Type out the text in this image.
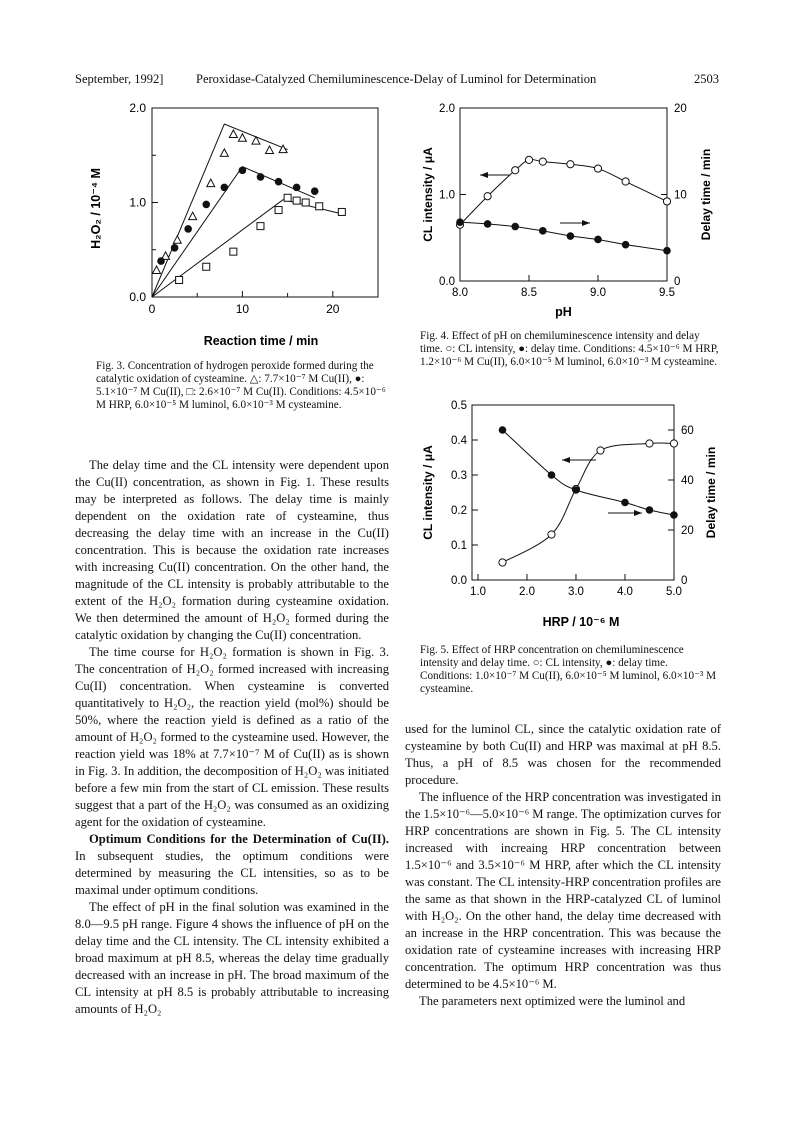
September, 1992]	Peroxidase-Catalyzed Chemiluminescence-Delay of Luminol for Determination	2503
0.0
1.0
2.0
0	10	20
Reaction time / min
H₂O₂ / 10⁻⁴ M
Fig. 3. Concentration of hydrogen peroxide formed during the catalytic oxidation of cysteamine. △: 7.7×10⁻⁷ M Cu(II), ●: 5.1×10⁻⁷ M Cu(II), □: 2.6×10⁻⁷ M Cu(II). Conditions: 4.5×10⁻⁶ M HRP, 6.0×10⁻⁵ M luminol, 6.0×10⁻³ M cysteamine.
0.0
1.0
2.0
0
10
20
8.0	8.5	9.0	9.5
pH
CL intensity / μA	Delay time / min
Fig. 4. Effect of pH on chemiluminescence intensity and delay time. ○: CL intensity, ●: delay time. Conditions: 4.5×10⁻⁶ M HRP, 1.2×10⁻⁶ M Cu(II), 6.0×10⁻⁵ M luminol, 6.0×10⁻³ M cysteamine.
0.0
0.1
0.2
0.3
0.4
0.5
0
20
40
60
1.0	2.0	3.0	4.0	5.0
HRP / 10⁻⁶ M
CL intensity / μA	Delay time / min
Fig. 5. Effect of HRP concentration on chemiluminescence intensity and delay time. ○: CL intensity, ●: delay time. Conditions: 1.0×10⁻⁷ M Cu(II), 6.0×10⁻⁵ M luminol, 6.0×10⁻³ M cysteamine.

The delay time and the CL intensity were dependent upon the Cu(II) concentration, as shown in Fig. 1. These results may be interpreted as follows. The delay time is mainly dependent on the oxidation rate of cysteamine, thus decreasing the delay time with an increase in the Cu(II) concentration. This is because the oxidation rate increases with increasing Cu(II) concentration. On the other hand, the magnitude of the CL intensity is probably attributable to the extent of the H₂O₂ formation during cysteamine oxidation. We then determined the amount of H₂O₂ formed during the catalytic oxidation by changing the Cu(II) concentration.

The time course for H₂O₂ formation is shown in Fig. 3. The concentration of H₂O₂ formed increased with increasing Cu(II) concentration. When cysteamine is converted quantitatively to H₂O₂, the reaction yield (mol%) should be 50%, where the reaction yield is defined as a ratio of the amount of H₂O₂ formed to the cysteamine used. However, the reaction yield was 18% at 7.7×10⁻⁷ M of Cu(II) as is shown in Fig. 3. In addition, the decomposition of H₂O₂ was initiated before a few min from the start of CL emission. These results suggest that a part of the H₂O₂ was consumed as an oxidizing agent for the oxidation of cysteamine.

Optimum Conditions for the Determination of Cu(II). In subsequent studies, the optimum conditions were determined by measuring the CL intensities, so as to be maximal under optimum conditions.

The effect of pH in the final solution was examined in the 8.0—9.5 pH range. Figure 4 shows the influence of pH on the delay time and the CL intensity. The CL intensity exhibited a broad maximum at pH 8.5, whereas the delay time gradually decreased with an increase in pH. The broad maximum of the CL intensity at pH 8.5 is probably attributable to increasing amounts of H₂O₂

used for the luminol CL, since the catalytic oxidation rate of cysteamine by both Cu(II) and HRP was maximal at pH 8.5. Thus, a pH of 8.5 was chosen for the recommended procedure.

The influence of the HRP concentration was investigated in the 1.5×10⁻⁶—5.0×10⁻⁶ M range. The optimization curves for HRP concentrations are shown in Fig. 5. The CL intensity increased with increaing HRP concentration between 1.5×10⁻⁶ and 3.5×10⁻⁶ M HRP, after which the CL intensity was constant. The CL intensity-HRP concentration profiles are the same as that shown in the HRP-catalyzed CL of luminol with H₂O₂. On the other hand, the delay time decreased with an increase in the HRP concentration. This was because the oxidation rate of cysteamine increases with increasing HRP concentration. The optimum HRP concentration was thus determined to be 4.5×10⁻⁶ M.

The parameters next optimized were the luminol and
